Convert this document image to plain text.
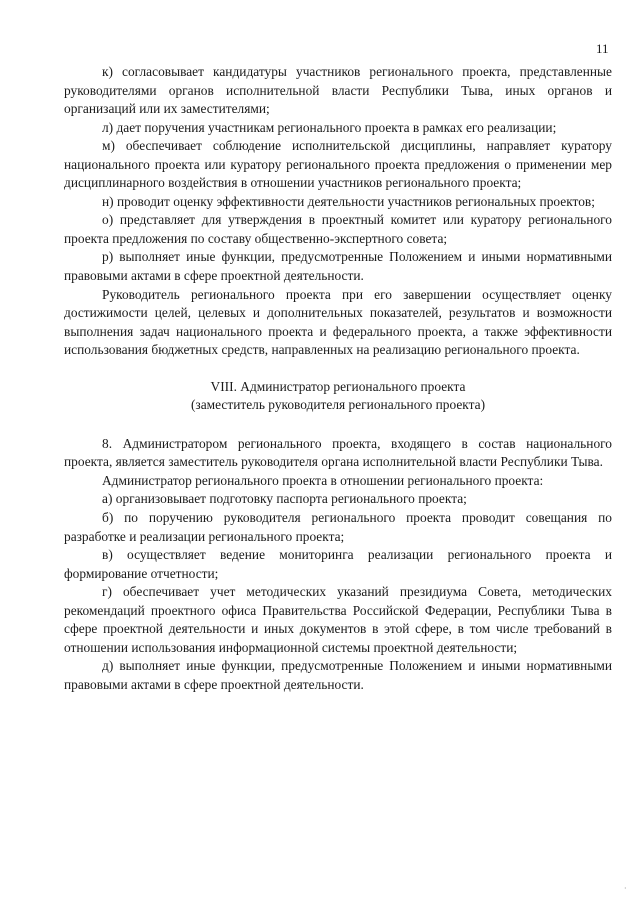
11

к) согласовывает кандидатуры участников регионального проекта, представленные руководителями органов исполнительной власти Республики Тыва, иных органов и организаций или их заместителями;

л) дает поручения участникам регионального проекта в рамках его реализации;

м) обеспечивает соблюдение исполнительской дисциплины, направляет куратору национального проекта или куратору регионального проекта предложения о применении мер дисциплинарного воздействия в отношении участников регионального проекта;

н) проводит оценку эффективности деятельности участников региональных проектов;

о) представляет для утверждения в проектный комитет или куратору регионального проекта предложения по составу общественно-экспертного совета;

р) выполняет иные функции, предусмотренные Положением и иными нормативными правовыми актами в сфере проектной деятельности.

Руководитель регионального проекта при его завершении осуществляет оценку достижимости целей, целевых и дополнительных показателей, результатов и возможности выполнения задач национального проекта и федерального проекта, а также эффективности использования бюджетных средств, направленных на реализацию регионального проекта.

VIII. Администратор регионального проекта
(заместитель руководителя регионального проекта)

8. Администратором регионального проекта, входящего в состав национального проекта, является заместитель руководителя органа исполнительной власти Республики Тыва.

Администратор регионального проекта в отношении регионального проекта:

а) организовывает подготовку паспорта регионального проекта;

б) по поручению руководителя регионального проекта проводит совещания по разработке и реализации регионального проекта;

в) осуществляет ведение мониторинга реализации регионального проекта и формирование отчетности;

г) обеспечивает учет методических указаний президиума Совета, методических рекомендаций проектного офиса Правительства Российской Федерации, Республики Тыва в сфере проектной деятельности и иных документов в этой сфере, в том числе требований в отношении использования информационной системы проектной деятельности;

д) выполняет иные функции, предусмотренные Положением и иными нормативными правовыми актами в сфере проектной деятельности.

·
